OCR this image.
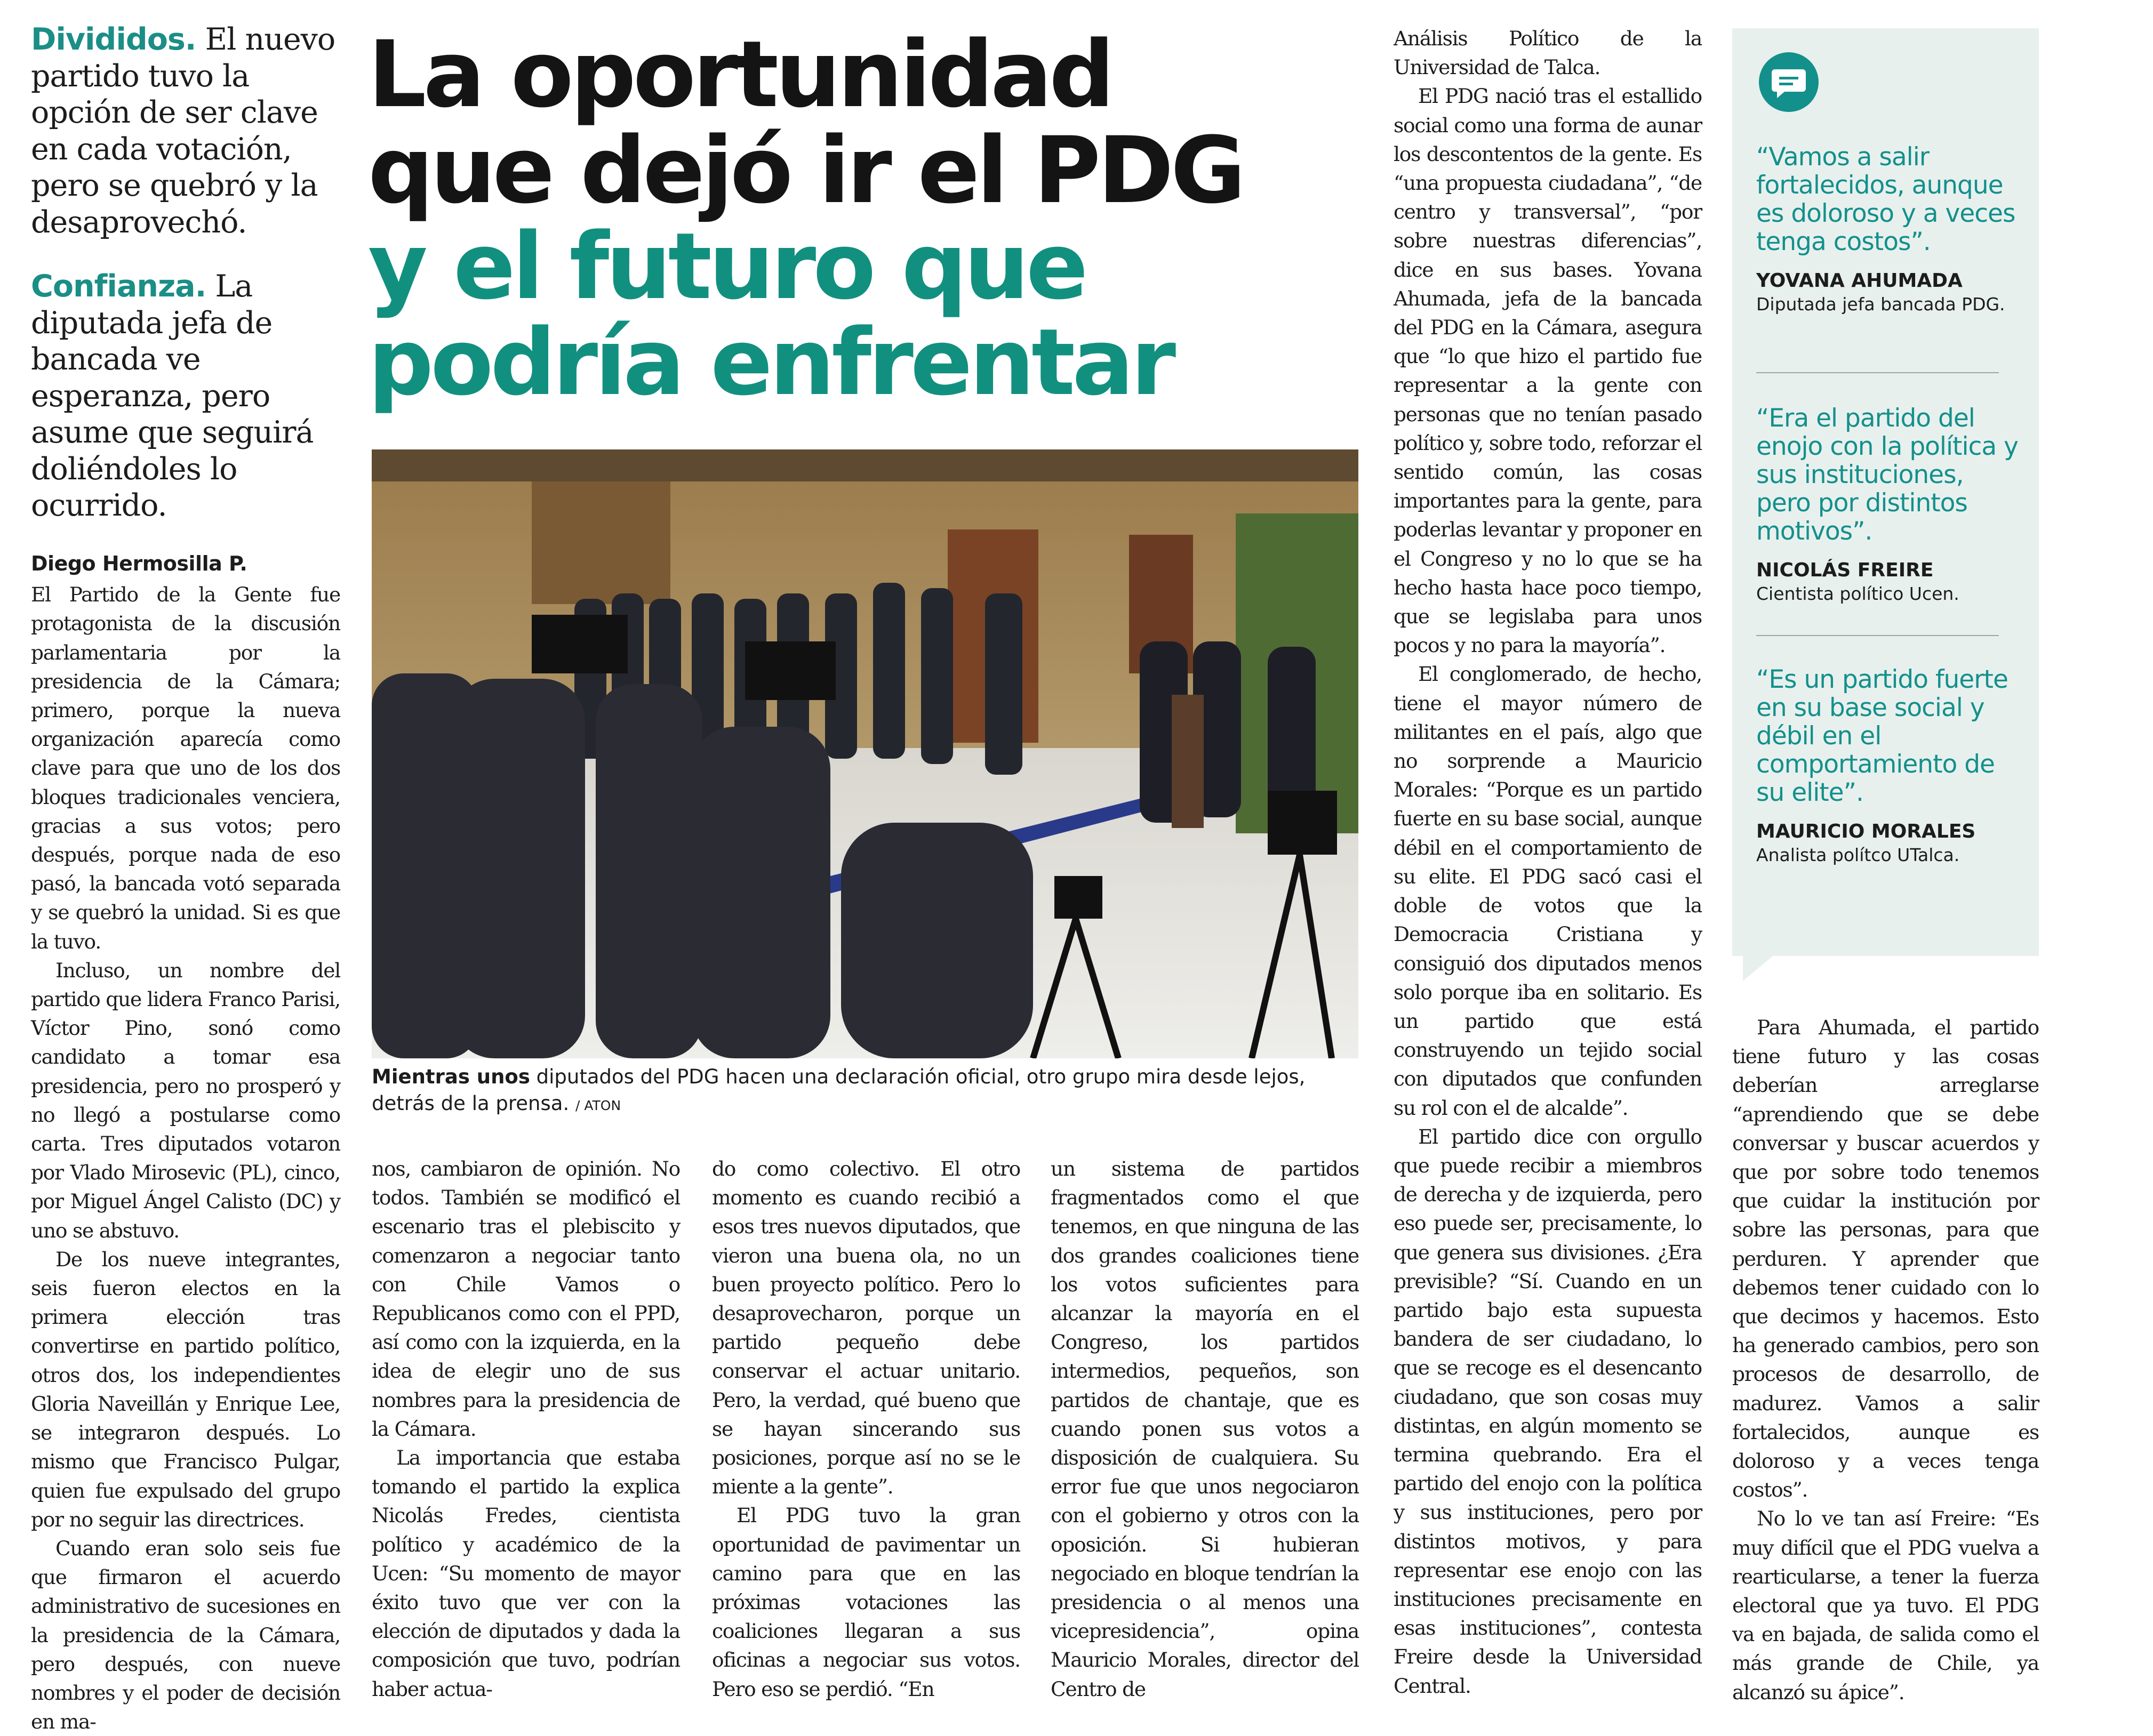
Divididos. El nuevo partido tuvo la opción de ser clave en cada votación, pero se quebró y la desaprovechó.

Confianza. La diputada jefa de bancada ve esperanza, pero asume que seguirá doliéndoles lo ocurrido.

Diego Hermosilla P.

El Partido de la Gente fue protagonista de la discusión parlamentaria por la presidencia de la Cámara; primero, porque la nueva organización aparecía como clave para que uno de los dos bloques tradicionales venciera, gracias a sus votos; pero después, porque nada de eso pasó, la bancada votó separada y se quebró la unidad. Si es que la tuvo.

Incluso, un nombre del partido que lidera Franco Parisi, Víctor Pino, sonó como candidato a tomar esa presidencia, pero no prosperó y no llegó a postularse como carta. Tres diputados votaron por Vlado Mirosevic (PL), cinco, por Miguel Ángel Calisto (DC) y uno se abstuvo.

De los nueve integrantes, seis fueron electos en la primera elección tras convertirse en partido político, otros dos, los independientes Gloria Naveillán y Enrique Lee, se integraron después. Lo mismo que Francisco Pulgar, quien fue expulsado del grupo por no seguir las directrices.

Cuando eran solo seis fue que firmaron el acuerdo administrativo de sucesiones en la presidencia de la Cámara, pero después, con nueve nombres y el poder de decisión en ma-

La oportunidad
que dejó ir el PDG
y el futuro que
podría enfrentar
Mientras unos diputados del PDG hacen una declaración oficial, otro grupo mira desde lejos, detrás de la prensa. / ATON

nos, cambiaron de opinión. No todos. También se modificó el escenario tras el plebiscito y comenzaron a negociar tanto con Chile Vamos o Republicanos como con el PPD, así como con la izquierda, en la idea de elegir uno de sus nombres para la presidencia de la Cámara.

La importancia que estaba tomando el partido la explica Nicolás Fredes, cientista político y académico de la Ucen: “Su momento de mayor éxito tuvo que ver con la elección de diputados y dada la composición que tuvo, podrían haber actua-

do como colectivo. El otro momento es cuando recibió a esos tres nuevos diputados, que vieron una buena ola, no un buen proyecto político. Pero lo desaprovecharon, porque un partido pequeño debe conservar el actuar unitario. Pero, la verdad, qué bueno que se hayan sincerando sus posiciones, porque así no se le miente a la gente”.

El PDG tuvo la gran oportunidad de pavimentar un camino para que en las próximas votaciones las coaliciones llegaran a sus oficinas a negociar sus votos. Pero eso se perdió. “En

un sistema de partidos fragmentados como el que tenemos, en que ninguna de las dos grandes coaliciones tiene los votos suficientes para alcanzar la mayoría en el Congreso, los partidos intermedios, pequeños, son partidos de chantaje, que es cuando ponen sus votos a disposición de cualquiera. Su error fue que unos negociaron con el gobierno y otros con la oposición. Si hubieran negociado en bloque tendrían la presidencia o al menos una vicepresidencia”, opina Mauricio Morales, director del Centro de

Análisis Político de la Universidad de Talca.

El PDG nació tras el estallido social como una forma de aunar los descontentos de la gente. Es “una propuesta ciudadana”, “de centro y transversal”, “por sobre nuestras diferencias”, dice en sus bases. Yovana Ahumada, jefa de la bancada del PDG en la Cámara, asegura que “lo que hizo el partido fue representar a la gente con personas que no tenían pasado político y, sobre todo, reforzar el sentido común, las cosas importantes para la gente, para poderlas levantar y proponer en el Congreso y no lo que se ha hecho hasta hace poco tiempo, que se legislaba para unos pocos y no para la mayoría”.

El conglomerado, de hecho, tiene el mayor número de militantes en el país, algo que no sorprende a Mauricio Morales: “Porque es un partido fuerte en su base social, aunque débil en el comportamiento de su elite. El PDG sacó casi el doble de votos que la Democracia Cristiana y consiguió dos diputados menos solo porque iba en solitario. Es un partido que está construyendo un tejido social con diputados que confunden su rol con el de alcalde”.

El partido dice con orgullo que puede recibir a miembros de derecha y de izquierda, pero eso puede ser, precisamente, lo que genera sus divisiones. ¿Era previsible? “Sí. Cuando en un partido bajo esta supuesta bandera de ser ciudadano, lo que se recoge es el desencanto ciudadano, que son cosas muy distintas, en algún momento se termina quebrando. Era el partido del enojo con la política y sus instituciones, pero por distintos motivos, y para representar ese enojo con las instituciones precisamente en esas instituciones”, contesta Freire desde la Universidad Central.

“Vamos a salir fortalecidos, aunque es doloroso y a veces tenga costos”.
YOVANA AHUMADA
Diputada jefa bancada PDG.
“Era el partido del enojo con la política y sus instituciones, pero por distintos motivos”.
NICOLÁS FREIRE
Cientista político Ucen.
“Es un partido fuerte en su base social y débil en el comportamiento de su elite”.
MAURICIO MORALES
Analista polítco UTalca.

Para Ahumada, el partido tiene futuro y las cosas deberían arreglarse “aprendiendo que se debe conversar y buscar acuerdos y que por sobre todo tenemos que cuidar la institución por sobre las personas, para que perduren. Y aprender que debemos tener cuidado con lo que decimos y hacemos. Esto ha generado cambios, pero son procesos de desarrollo, de madurez. Vamos a salir fortalecidos, aunque es doloroso y a veces tenga costos”.

No lo ve tan así Freire: “Es muy difícil que el PDG vuelva a rearticularse, a tener la fuerza electoral que ya tuvo. El PDG va en bajada, de salida como el más grande de Chile, ya alcanzó su ápice”.
